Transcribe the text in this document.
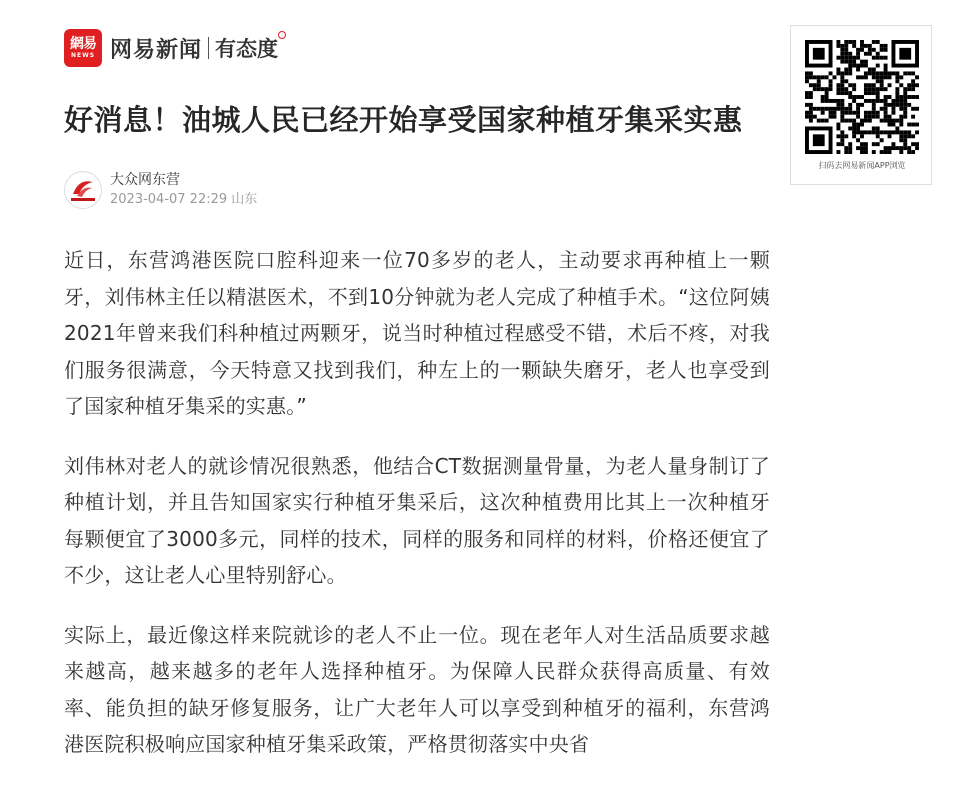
網易
NEWS 网易新闻 有态度
好消息！油城人民已经开始享受国家种植牙集采实惠
大众网东营
2023-04-07 22:29 山东

近日，东营鸿港医院口腔科迎来一位70多岁的老人，主动要求再种植上一颗牙，刘伟林主任以精湛医术，不到10分钟就为老人完成了种植手术。“这位阿姨2021年曾来我们科种植过两颗牙，说当时种植过程感受不错，术后不疼，对我们服务很满意，今天特意又找到我们，种左上的一颗缺失磨牙，老人也享受到了国家种植牙集采的实惠。”

刘伟林对老人的就诊情况很熟悉，他结合CT数据测量骨量，为老人量身制订了种植计划，并且告知国家实行种植牙集采后，这次种植费用比其上一次种植牙每颗便宜了3000多元，同样的技术，同样的服务和同样的材料，价格还便宜了不少，这让老人心里特别舒心。

实际上，最近像这样来院就诊的老人不止一位。现在老年人对生活品质要求越来越高，越来越多的老年人选择种植牙。为保障人民群众获得高质量、有效率、能负担的缺牙修复服务，让广大老年人可以享受到种植牙的福利，东营鸿港医院积极响应国家种植牙集采政策，严格贯彻落实中央省

扫码去网易新闻APP浏览
